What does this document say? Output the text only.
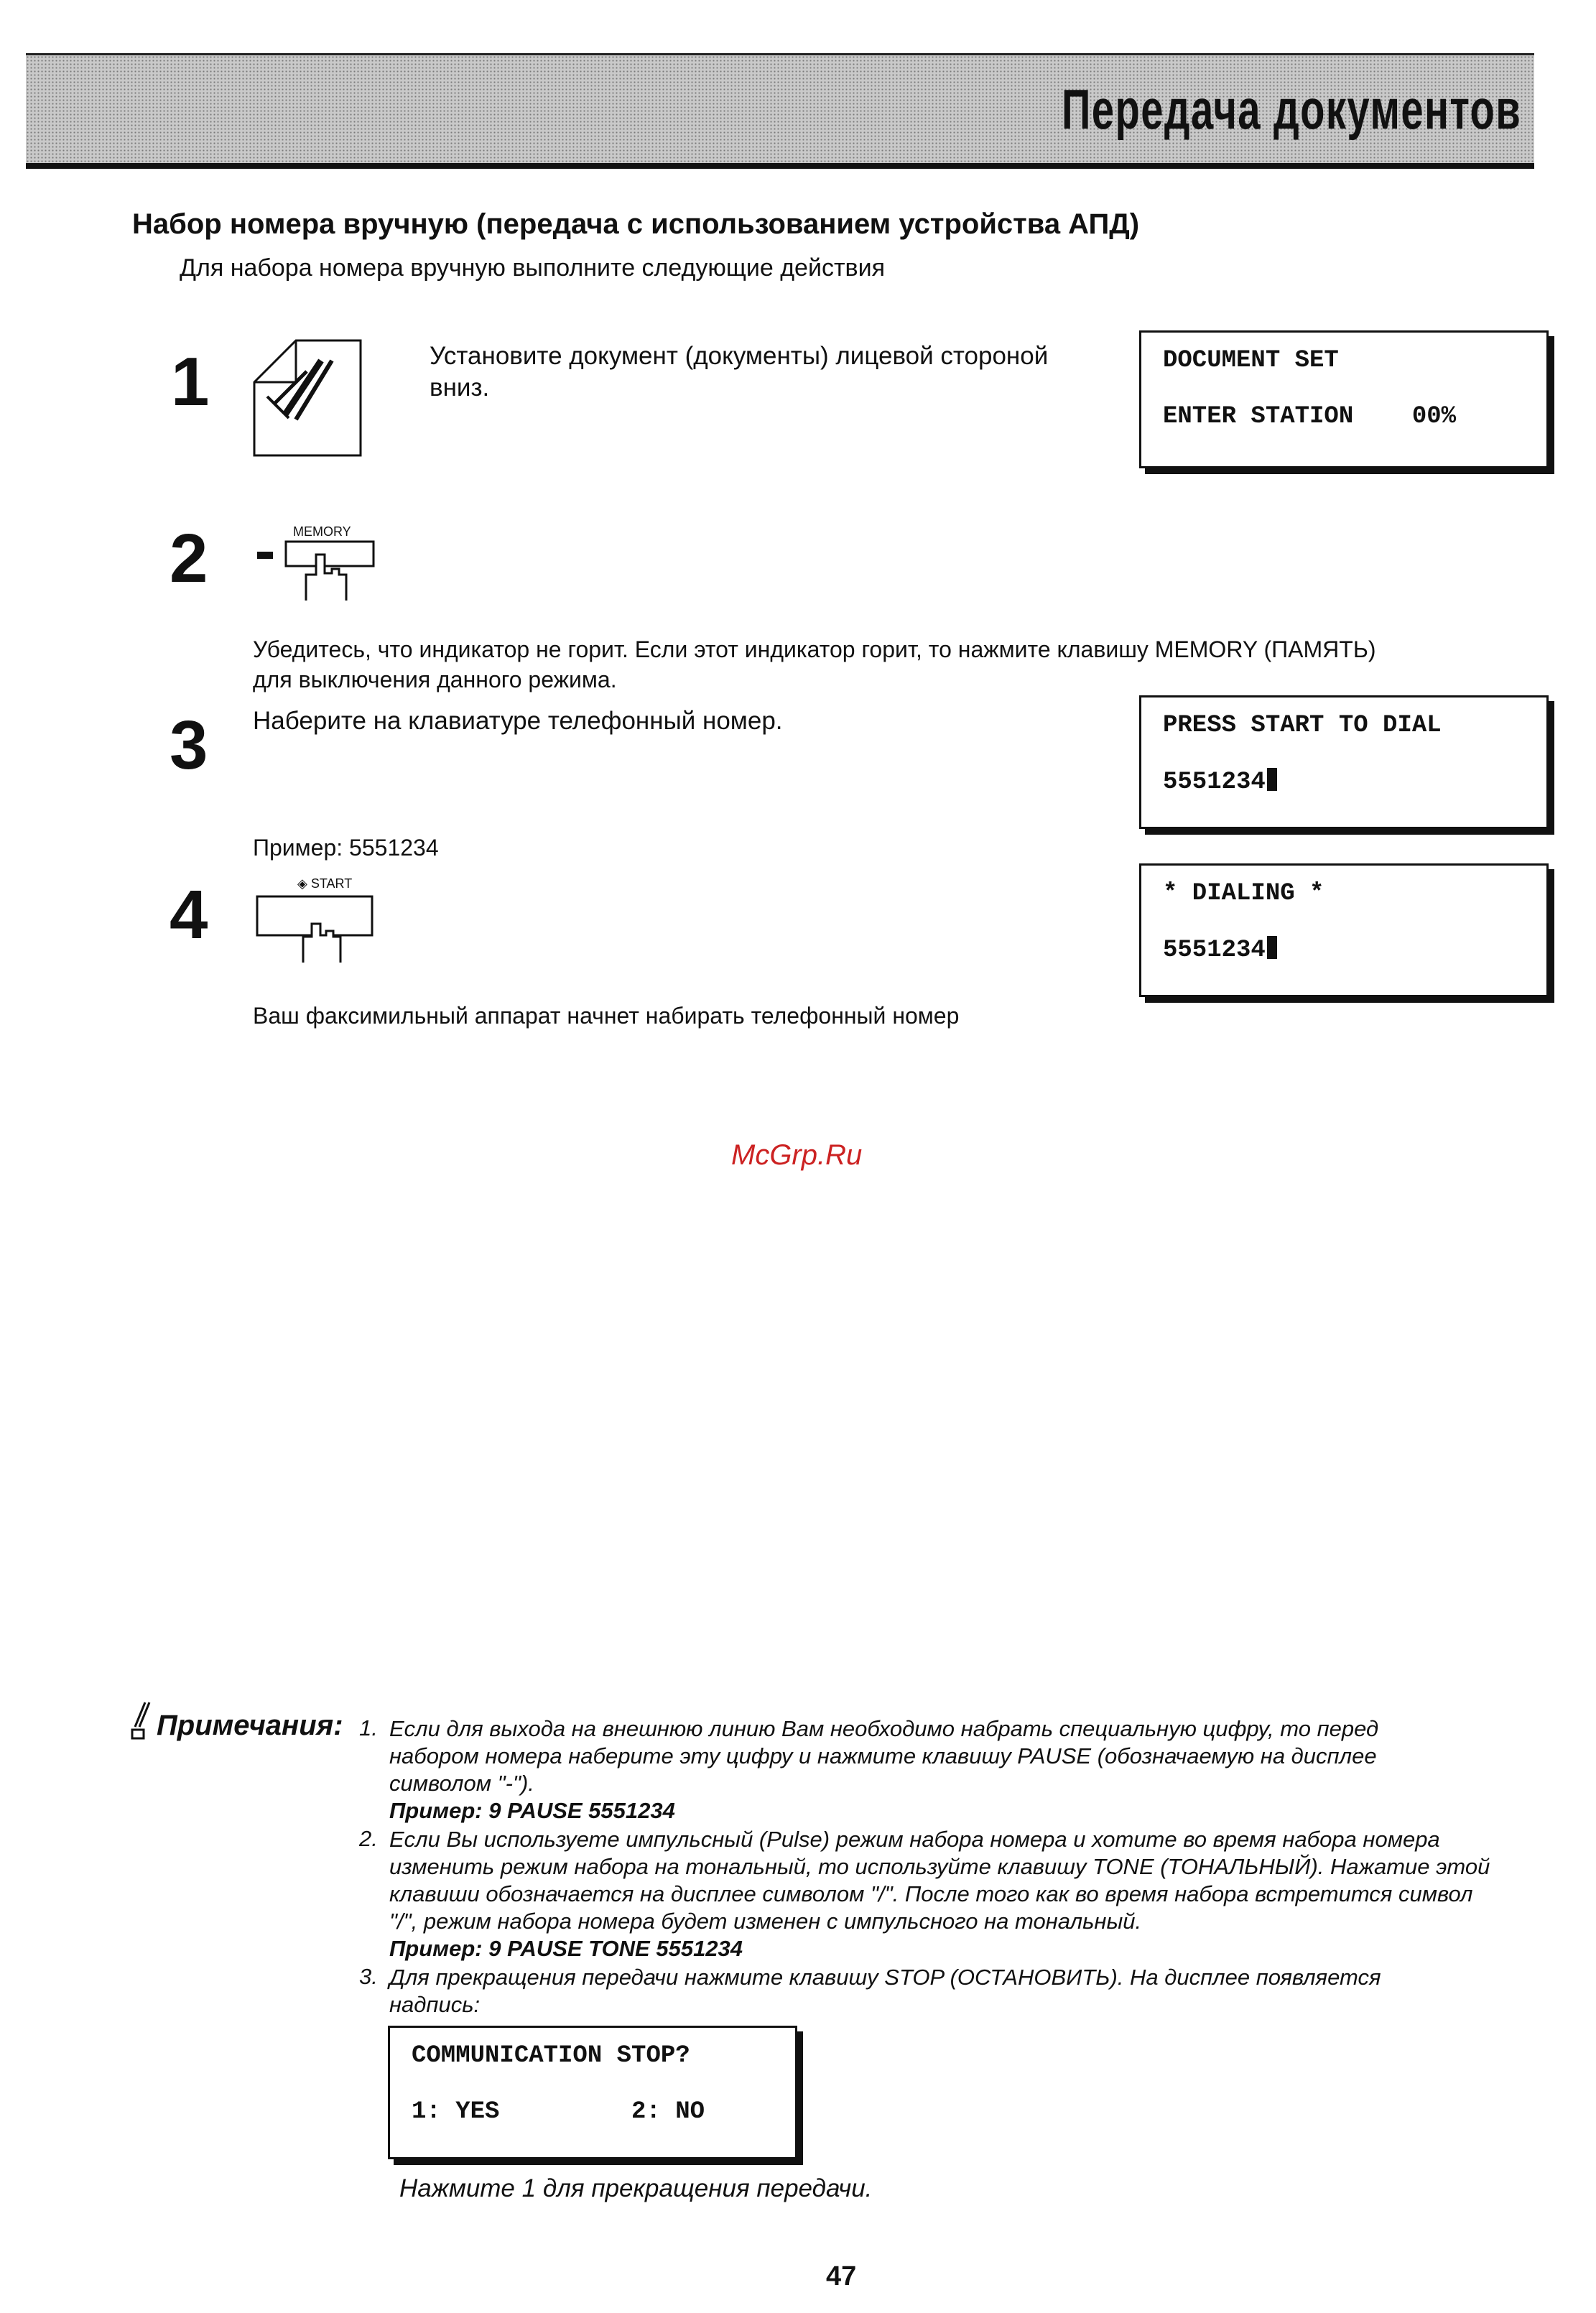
Передача документов
Набор номера вручную (передача с использованием устройства АПД)
Для набора номера вручную выполните следующие действия
1	Установите документ (документы) лицевой стороной
вниз.
DOCUMENT SET
ENTER STATION    00%
2	MEMORY
Убедитесь, что индикатор не горит. Если этот индикатор горит, то нажмите клавишу MEMORY (ПАМЯТЬ)
для выключения данного режима.
3 Наберите на клавиатуре телефонный номер.	PRESS START TO DIAL
5551234
Пример: 5551234
4	◈ START	* DIALING *
5551234
Ваш факсимильный аппарат начнет набирать телефонный номер
McGrp.Ru
Примечания: 1. Если для выхода на внешнюю линию Вам необходимо набрать специальную цифру, то перед
набором номера наберите эту цифру и нажмите клавишу PAUSE (обозначаемую на дисплее
символом "-").
Пример: 9 PAUSE 5551234
2. Если Вы используете импульсный (Pulse) режим набора номера и хотите во время набора номера
изменить режим набора на тональный, то используйте клавишу TONE (ТОНАЛЬНЫЙ). Нажатие этой
клавиши обозначается на дисплее символом "/". После того как во время набора встретится символ
"/", режим набора номера будет изменен с импульсного на тональный.
Пример: 9 PAUSE TONE 5551234
3. Для прекращения передачи нажмите клавишу STOP (ОСТАНОВИТЬ). На дисплее появляется
надпись:
COMMUNICATION STOP?
1: YES         2: NO
Нажмите 1 для прекращения передачи.
47
